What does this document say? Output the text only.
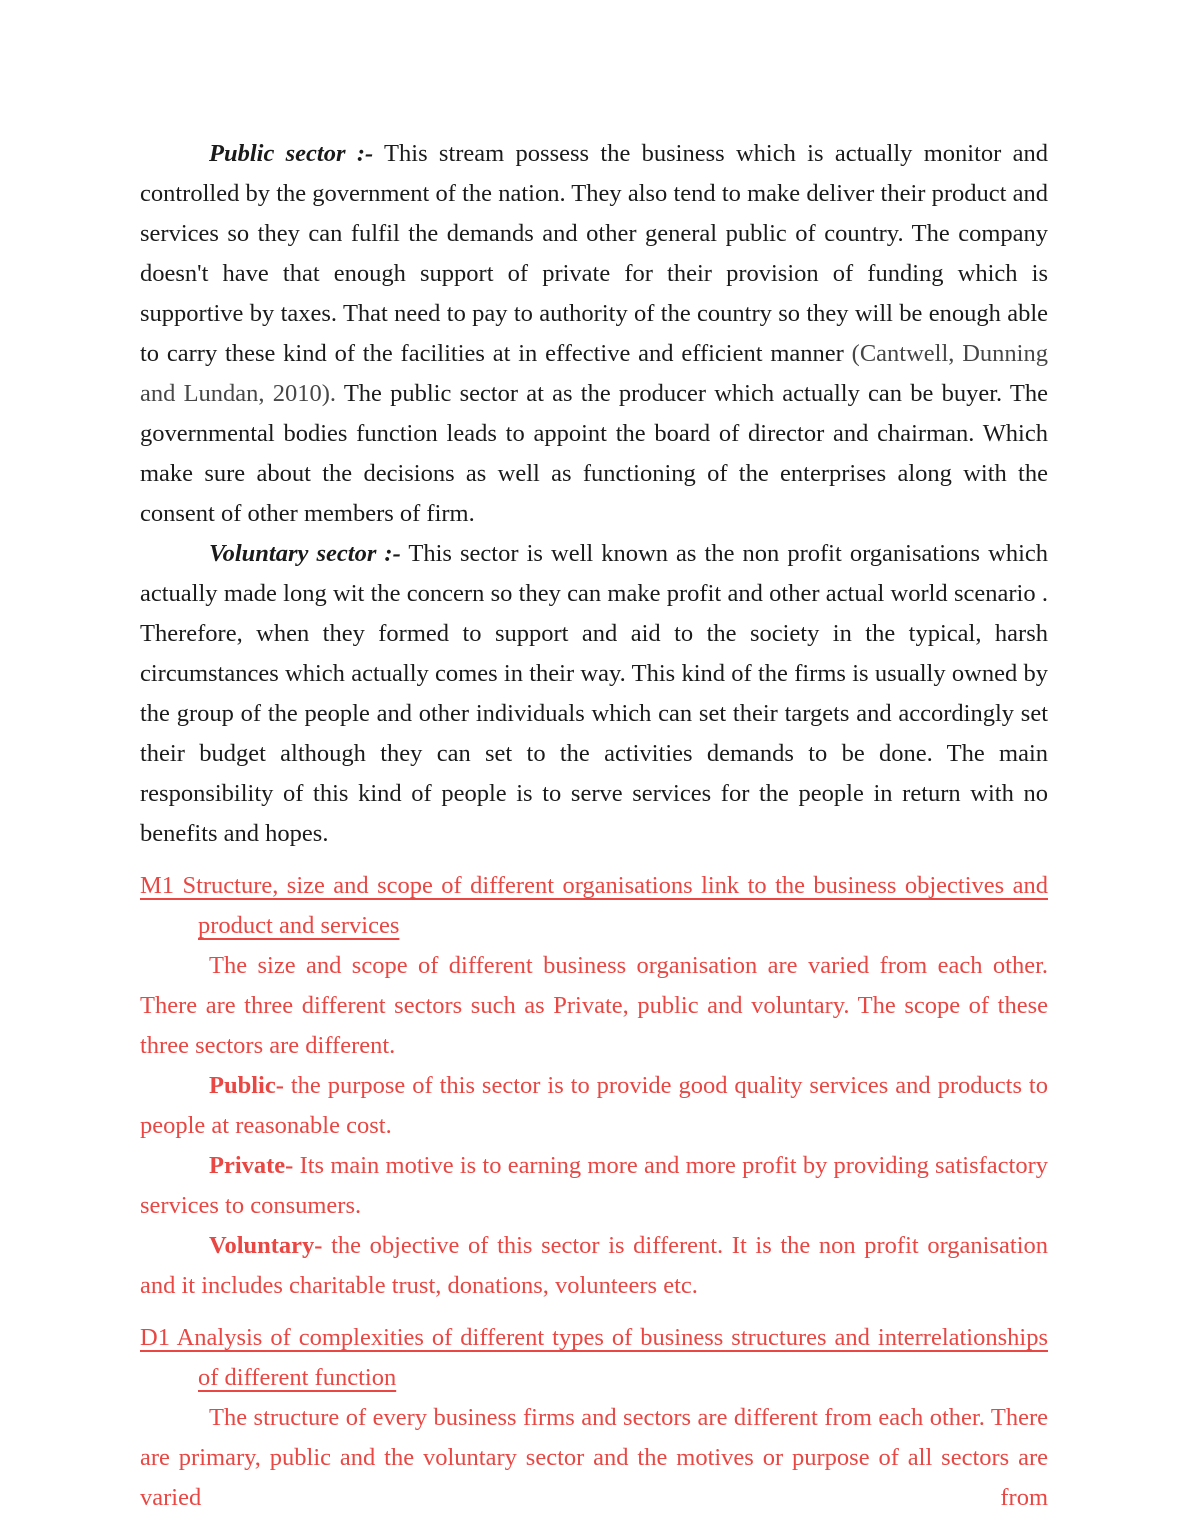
Public sector :- This stream possess the business which is actually monitor and controlled by the government of the nation. They also tend to make deliver their product and services so they can fulfil the demands and other general public of country. The company doesn't have that enough support of private for their provision of funding which is supportive by taxes. That need to pay to authority of the country so they will be enough able to carry these kind of the facilities at in effective and efficient manner (Cantwell, Dunning and Lundan, 2010). The public sector at as the producer which actually can be buyer. The governmental bodies function leads to appoint the board of director and chairman. Which make sure about the decisions as well as functioning of the enterprises along with the consent of other members of firm.

Voluntary sector :- This sector is well known as the non profit organisations which actually made long wit the concern so they can make profit and other actual world scenario . Therefore, when they formed to support and aid to the society in the typical, harsh circumstances which actually comes in their way. This kind of the firms is usually owned by the group of the people and other individuals which can set their targets and accordingly set their budget although they can set to the activities demands to be done. The main responsibility of this kind of people is to serve services for the people in return with no benefits and hopes.

M1 Structure, size and scope of different organisations link to the business objectives and product and services

The size and scope of different business organisation are varied from each other. There are three different sectors such as Private, public and voluntary. The scope of these three sectors are different.

Public- the purpose of this sector is to provide good quality services and products to people at reasonable cost.

Private- Its main motive is to earning more and more profit by providing satisfactory services to consumers.

Voluntary- the objective of this sector is different. It is the non profit organisation and it includes charitable trust, donations, volunteers etc.

D1 Analysis of complexities of different types of business structures and interrelationships of different function

The structure of every business firms and sectors are different from each other. There are primary, public and the voluntary sector and the motives or purpose of all sectors are varied from
